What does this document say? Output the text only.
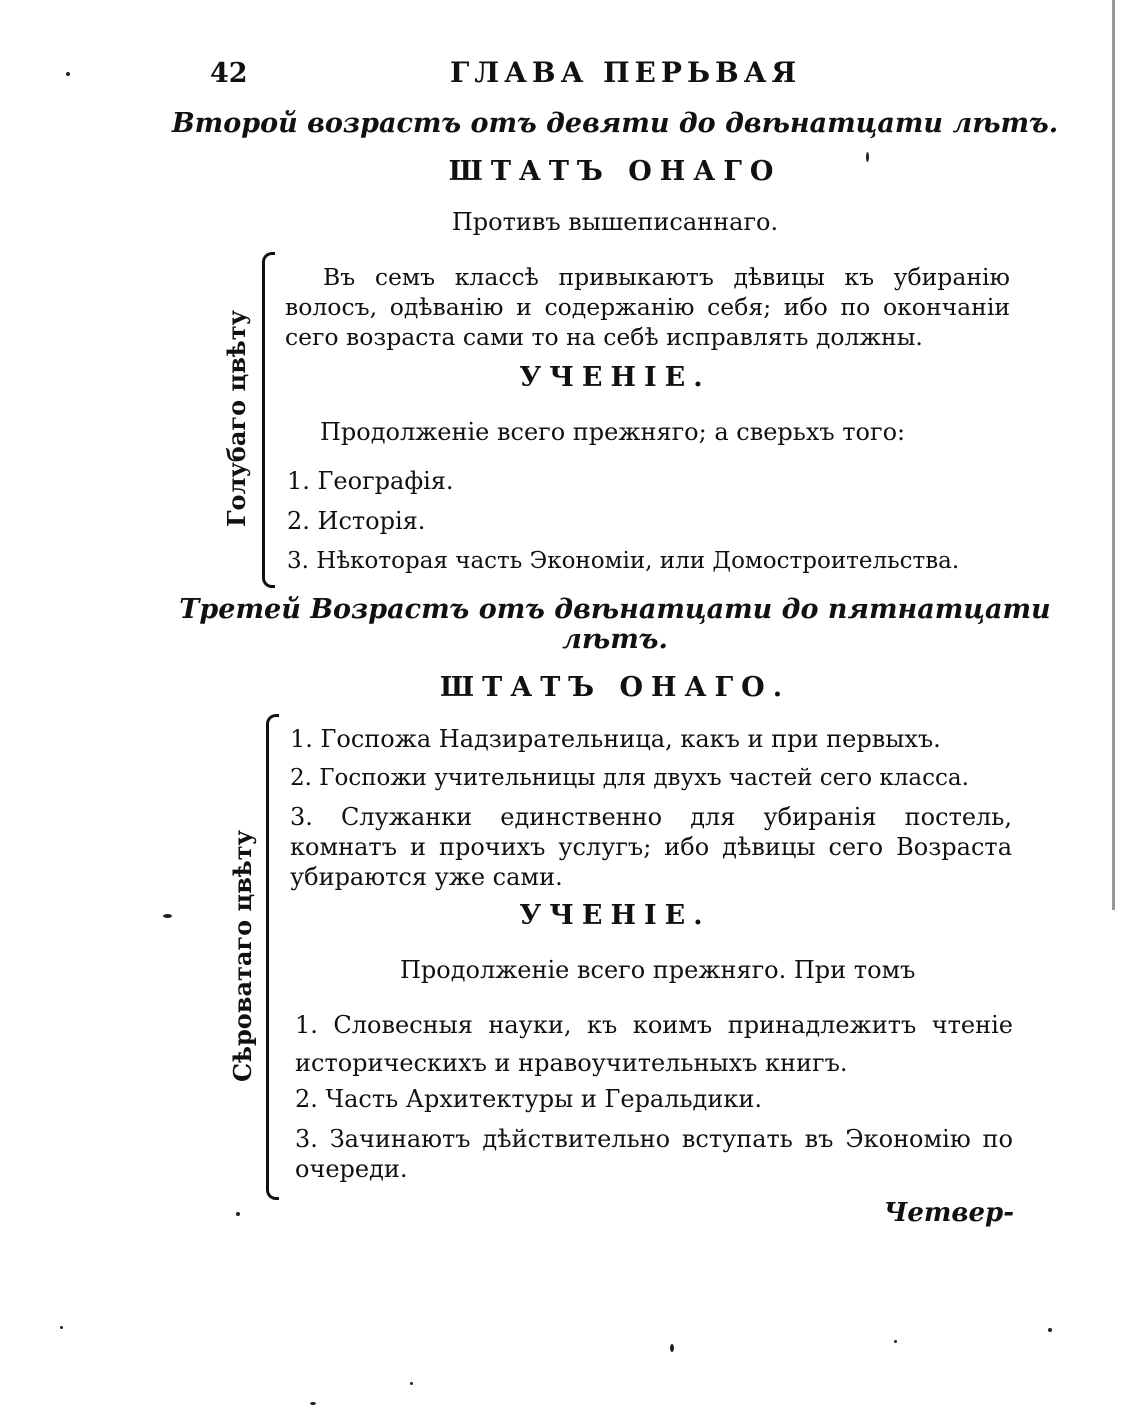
42	ГЛАВА ПЕРЬВАЯ
Второй возрастъ отъ девяти до двѣнатцати лѣтъ.
ШТАТЪ ОНАГО
Противъ вышеписаннаго.
Голубаго цвѣту
Въ семъ классѣ привыкаютъ дѣвицы къ убиранію волосъ, одѣванію и содержанію себя; ибо по окончаніи сего возраста сами то на себѣ исправлять должны.
УЧЕНІЕ.
Продолженіе всего прежняго; а сверьхъ того:
1. Географія.
2. Исторія.
3. Нѣкоторая часть Экономіи, или Домостроительства.
Третей Возрастъ отъ двѣнатцати до пятнатцати
лѣтъ.
ШТАТЪ ОНАГО.
Сѣроватаго цвѣту
1. Госпожа Надзирательница, какъ и при первыхъ.
2. Госпожи учительницы для двухъ частей сего класса.
3. Служанки единственно для убиранія постель, комнатъ и прочихъ услугъ; ибо дѣвицы сего Возраста убираются уже сами.
УЧЕНІЕ.
Продолженіе всего прежняго. При томъ
1. Словесныя науки, къ коимъ принадлежитъ чтеніе историческихъ и нравоучительныхъ книгъ.
2. Часть Архитектуры и Геральдики.
3. Зачинаютъ дѣйствительно вступать въ Экономію по очереди.
Четвер-
